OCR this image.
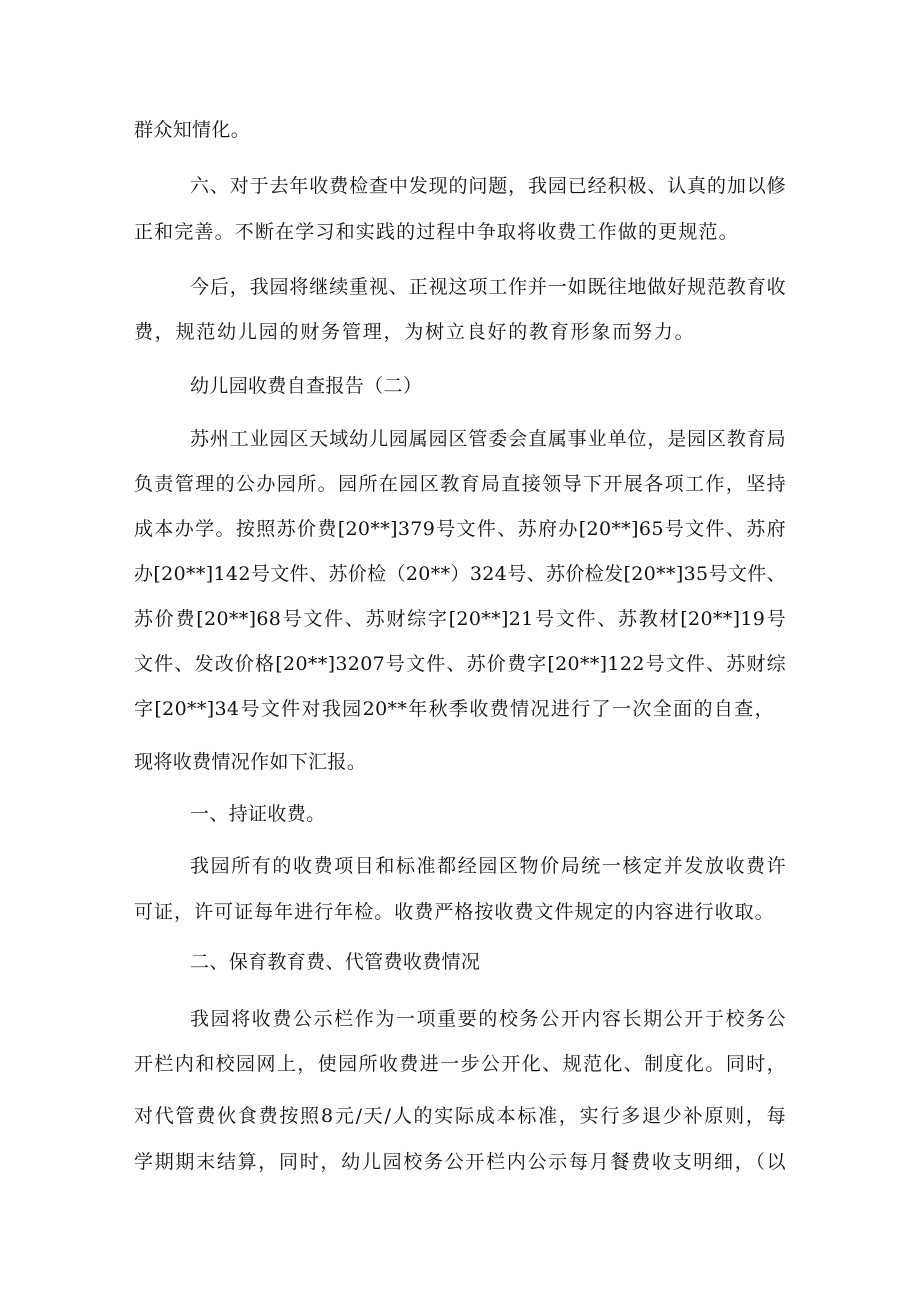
群众知情化。
六、对于去年收费检查中发现的问题，我园已经积极、认真的加以修
正和完善。不断在学习和实践的过程中争取将收费工作做的更规范。
今后，我园将继续重视、正视这项工作并一如既往地做好规范教育收
费，规范幼儿园的财务管理，为树立良好的教育形象而努力。
幼儿园收费自查报告（二）
苏州工业园区天域幼儿园属园区管委会直属事业单位，是园区教育局
负责管理的公办园所。园所在园区教育局直接领导下开展各项工作，坚持
成本办学。按照苏价费[20**]379号文件、苏府办[20**]65号文件、苏府
办[20**]142号文件、苏价检（20**）324号、苏价检发[20**]35号文件、
苏价费[20**]68号文件、苏财综字[20**]21号文件、苏教材[20**]19号
文件、发改价格[20**]3207号文件、苏价费字[20**]122号文件、苏财综
字[20**]34号文件对我园20**年秋季收费情况进行了一次全面的自查，
现将收费情况作如下汇报。
一、持证收费。
我园所有的收费项目和标准都经园区物价局统一核定并发放收费许
可证，许可证每年进行年检。收费严格按收费文件规定的内容进行收取。
二、保育教育费、代管费收费情况
我园将收费公示栏作为一项重要的校务公开内容长期公开于校务公
开栏内和校园网上，使园所收费进一步公开化、规范化、制度化。同时，
对代管费伙食费按照8元/天/人的实际成本标准，实行多退少补原则，每
学期期末结算，同时，幼儿园校务公开栏内公示每月餐费收支明细，（以
